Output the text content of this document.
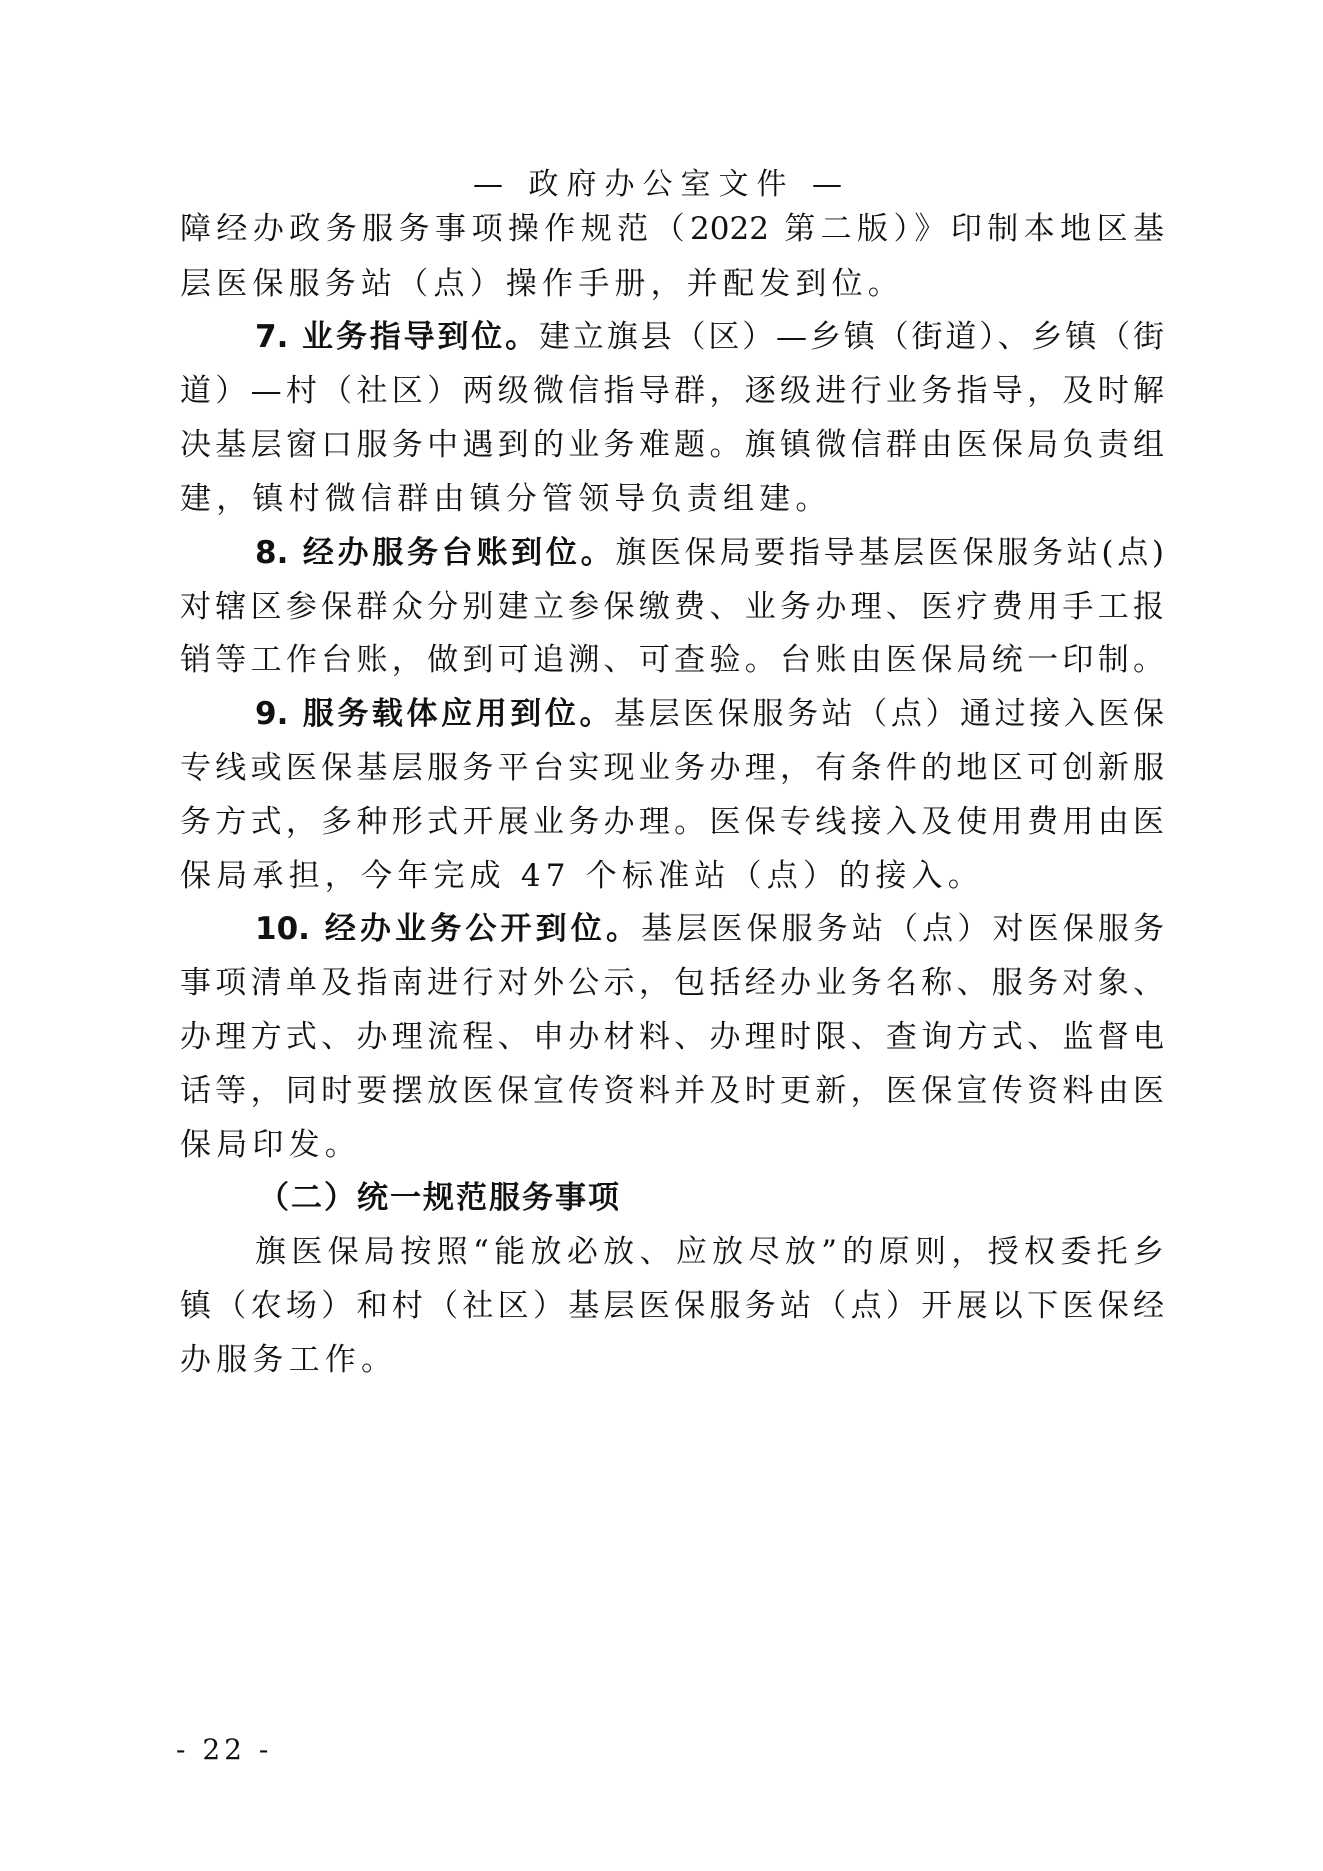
— 政府办公室文件 —
障经办政务服务事项操作规范（2022 第二版）》印制本地区基
层医保服务站（点）操作手册，并配发到位。
7. 业务指导到位。建立旗县（区）—乡镇（街道）、乡镇（街
道）—村（社区）两级微信指导群，逐级进行业务指导，及时解
决基层窗口服务中遇到的业务难题。旗镇微信群由医保局负责组
建，镇村微信群由镇分管领导负责组建。
8. 经办服务台账到位。旗医保局要指导基层医保服务站(点)
对辖区参保群众分别建立参保缴费、业务办理、医疗费用手工报
销等工作台账，做到可追溯、可查验。台账由医保局统一印制。
9. 服务载体应用到位。基层医保服务站（点）通过接入医保
专线或医保基层服务平台实现业务办理，有条件的地区可创新服
务方式，多种形式开展业务办理。医保专线接入及使用费用由医
保局承担，今年完成 47 个标准站（点）的接入。
10. 经办业务公开到位。基层医保服务站（点）对医保服务
事项清单及指南进行对外公示，包括经办业务名称、服务对象、
办理方式、办理流程、申办材料、办理时限、查询方式、监督电
话等，同时要摆放医保宣传资料并及时更新，医保宣传资料由医
保局印发。
（二）统一规范服务事项
旗医保局按照“能放必放、应放尽放”的原则，授权委托乡
镇（农场）和村（社区）基层医保服务站（点）开展以下医保经
办服务工作。
- 22 -
